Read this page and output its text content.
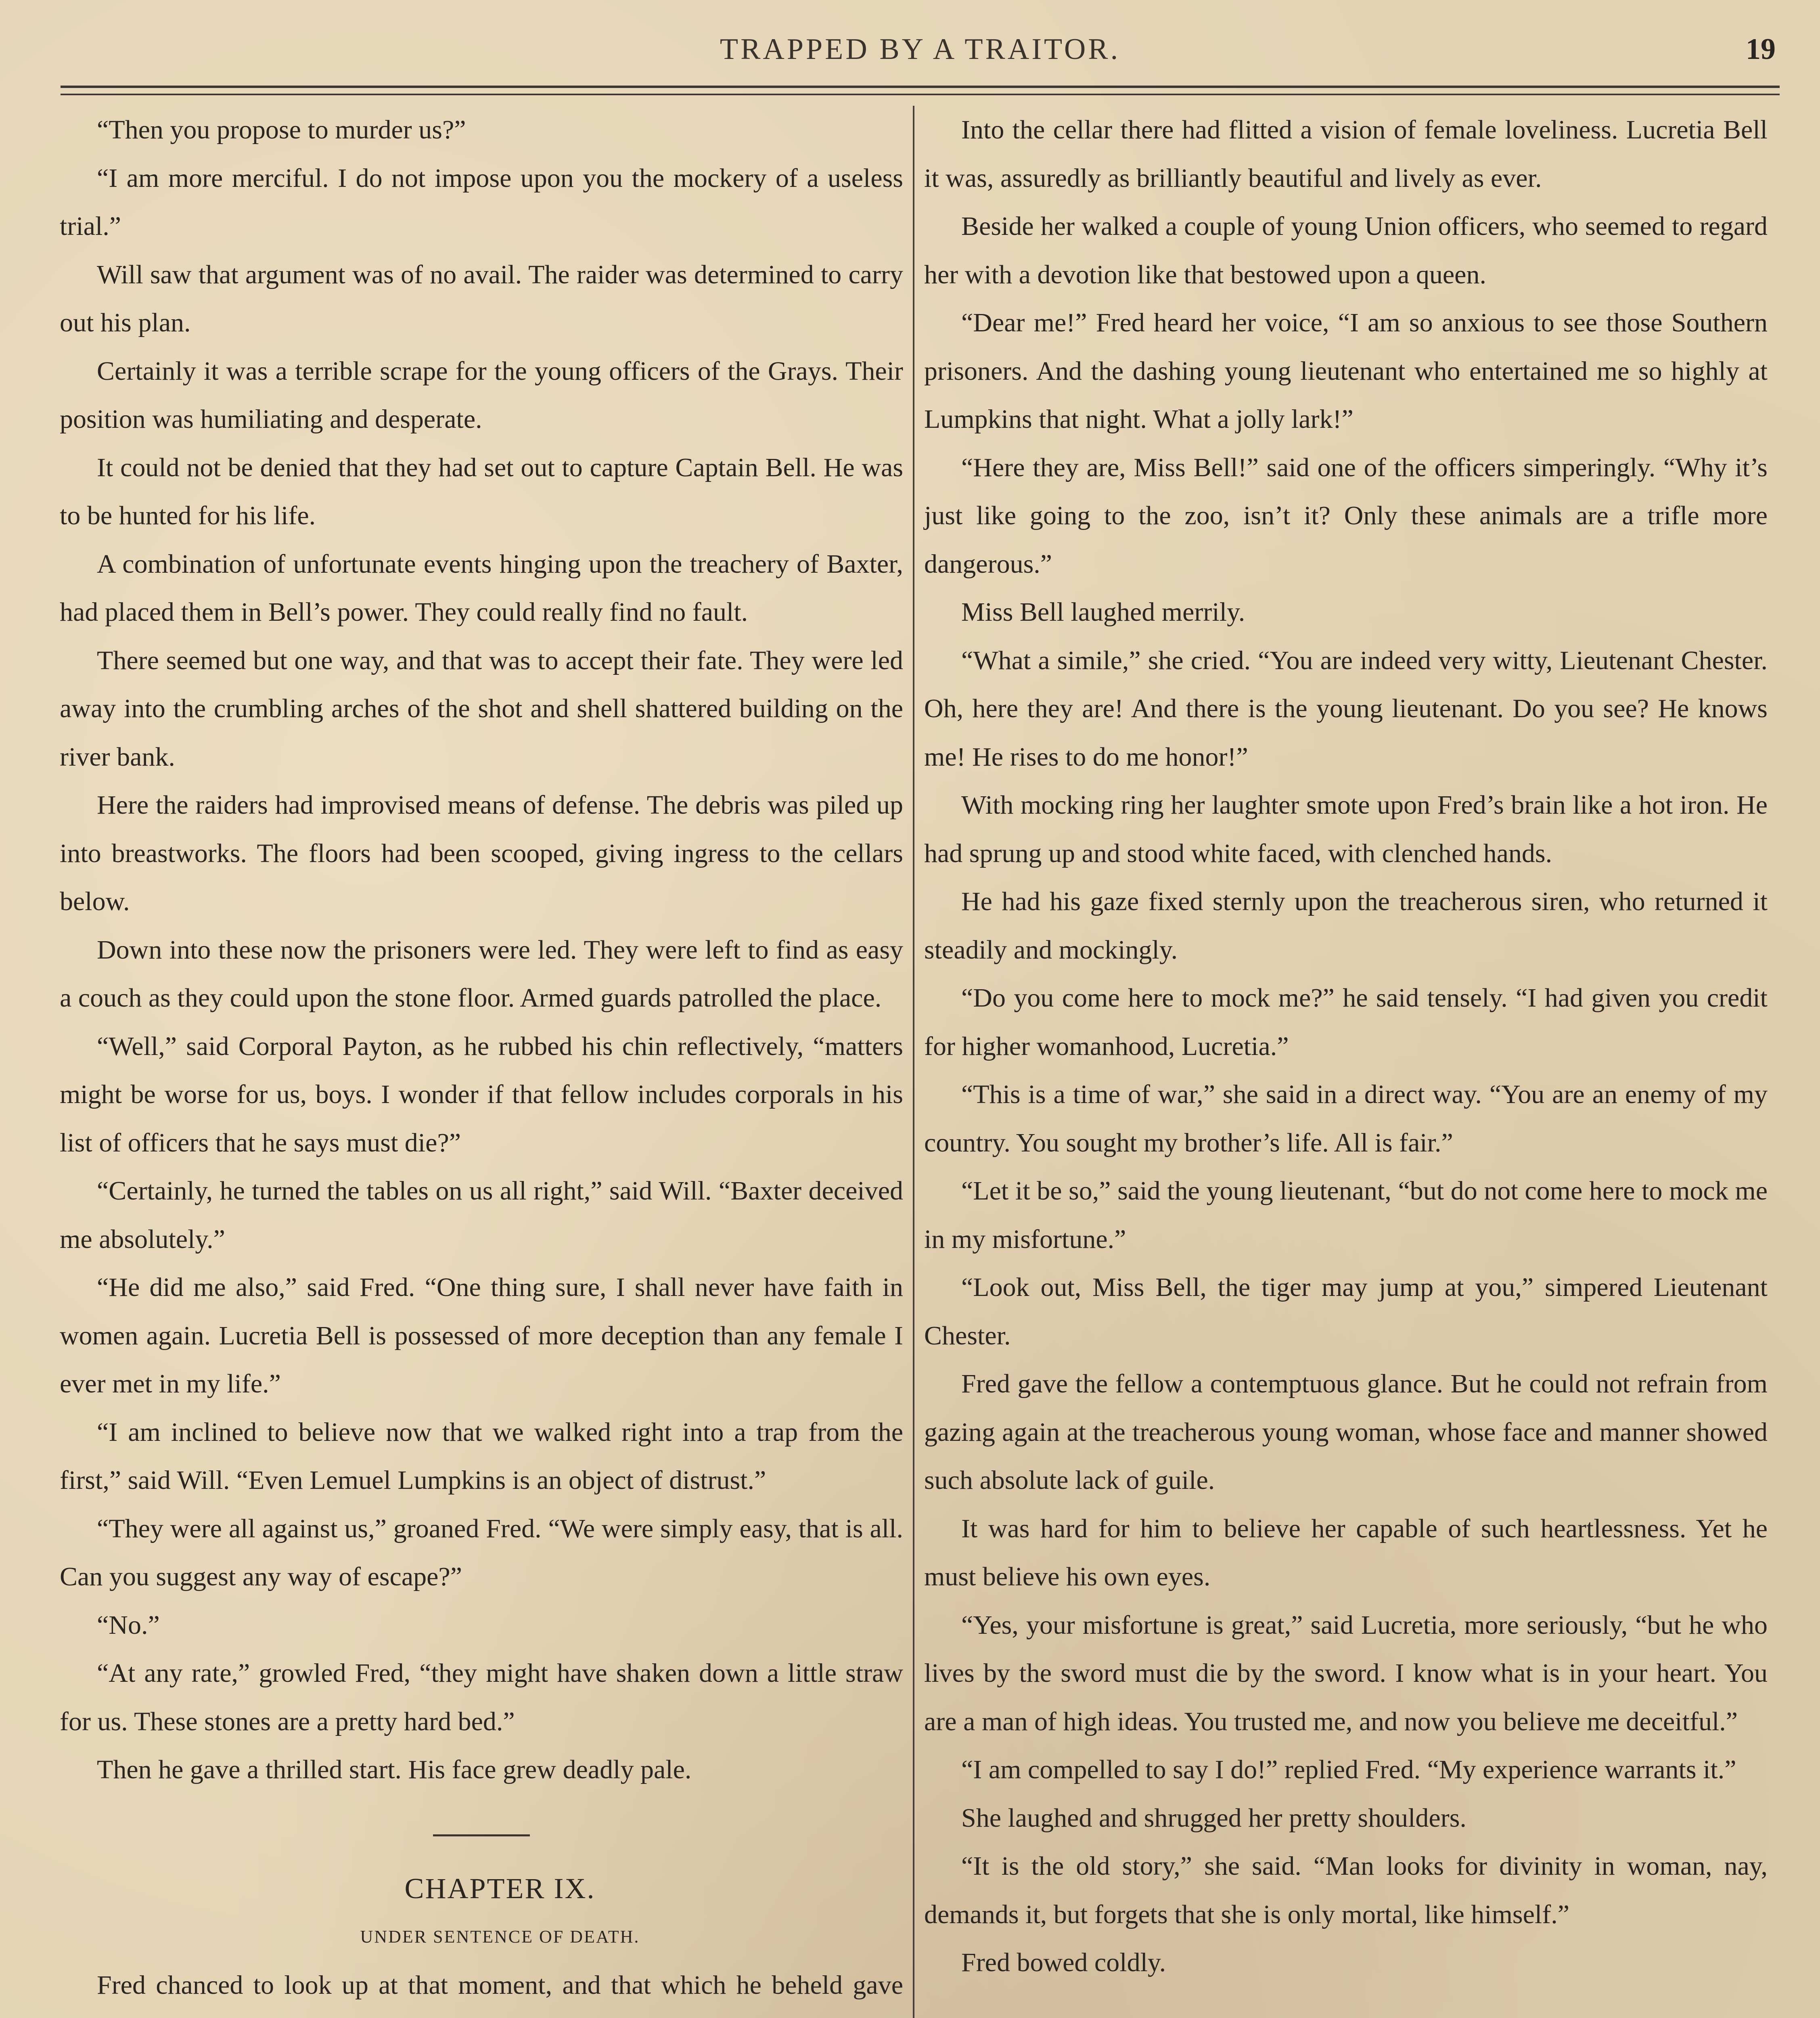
TRAPPED BY A TRAITOR.	19

“Then you propose to murder us?”

“I am more merciful. I do not impose upon you the mockery of a useless trial.”

Will saw that argument was of no avail. The raider was determined to carry out his plan.

Certainly it was a terrible scrape for the young officers of the Grays. Their position was humiliating and desperate.

It could not be denied that they had set out to capture Captain Bell. He was to be hunted for his life.

A combination of unfortunate events hinging upon the treachery of Baxter, had placed them in Bell’s power. They could really find no fault.

There seemed but one way, and that was to accept their fate. They were led away into the crumbling arches of the shot and shell shattered building on the river bank.

Here the raiders had improvised means of defense. The debris was piled up into breastworks. The floors had been scooped, giving ingress to the cellars below.

Down into these now the prisoners were led. They were left to find as easy a couch as they could upon the stone floor. Armed guards patrolled the place.

“Well,” said Corporal Payton, as he rubbed his chin reflectively, “matters might be worse for us, boys. I wonder if that fellow includes corporals in his list of officers that he says must die?”

“Certainly, he turned the tables on us all right,” said Will. “Baxter deceived me absolutely.”

“He did me also,” said Fred. “One thing sure, I shall never have faith in women again. Lucretia Bell is possessed of more deception than any female I ever met in my life.”

“I am inclined to believe now that we walked right into a trap from the first,” said Will. “Even Lemuel Lumpkins is an object of distrust.”

“They were all against us,” groaned Fred. “We were simply easy, that is all. Can you suggest any way of escape?”

“No.”

“At any rate,” growled Fred, “they might have shaken down a little straw for us. These stones are a pretty hard bed.”

Then he gave a thrilled start. His face grew deadly pale.

CHAPTER IX.

UNDER SENTENCE OF DEATH.

Fred chanced to look up at that moment, and that which he beheld gave

Into the cellar there had flitted a vision of female loveliness. Lucretia Bell it was, assuredly as brilliantly beautiful and lively as ever.

Beside her walked a couple of young Union officers, who seemed to regard her with a devotion like that bestowed upon a queen.

“Dear me!” Fred heard her voice, “I am so anxious to see those Southern prisoners. And the dashing young lieutenant who entertained me so highly at Lumpkins that night. What a jolly lark!”

“Here they are, Miss Bell!” said one of the officers simperingly. “Why it’s just like going to the zoo, isn’t it? Only these animals are a trifle more dangerous.”

Miss Bell laughed merrily.

“What a simile,” she cried. “You are indeed very witty, Lieutenant Chester. Oh, here they are! And there is the young lieutenant. Do you see? He knows me! He rises to do me honor!”

With mocking ring her laughter smote upon Fred’s brain like a hot iron. He had sprung up and stood white faced, with clenched hands.

He had his gaze fixed sternly upon the treacherous siren, who returned it steadily and mockingly.

“Do you come here to mock me?” he said tensely. “I had given you credit for higher womanhood, Lucretia.”

“This is a time of war,” she said in a direct way. “You are an enemy of my country. You sought my brother’s life. All is fair.”

“Let it be so,” said the young lieutenant, “but do not come here to mock me in my misfortune.”

“Look out, Miss Bell, the tiger may jump at you,” simpered Lieutenant Chester.

Fred gave the fellow a contemptuous glance. But he could not refrain from gazing again at the treacherous young woman, whose face and manner showed such absolute lack of guile.

It was hard for him to believe her capable of such heartlessness. Yet he must believe his own eyes.

“Yes, your misfortune is great,” said Lucretia, more seriously, “but he who lives by the sword must die by the sword. I know what is in your heart. You are a man of high ideas. You trusted me, and now you believe me deceitful.”

“I am compelled to say I do!” replied Fred. “My experience warrants it.”

She laughed and shrugged her pretty shoulders.

“It is the old story,” she said. “Man looks for divinity in woman, nay, demands it, but forgets that she is only mortal, like himself.”

Fred bowed coldly.
